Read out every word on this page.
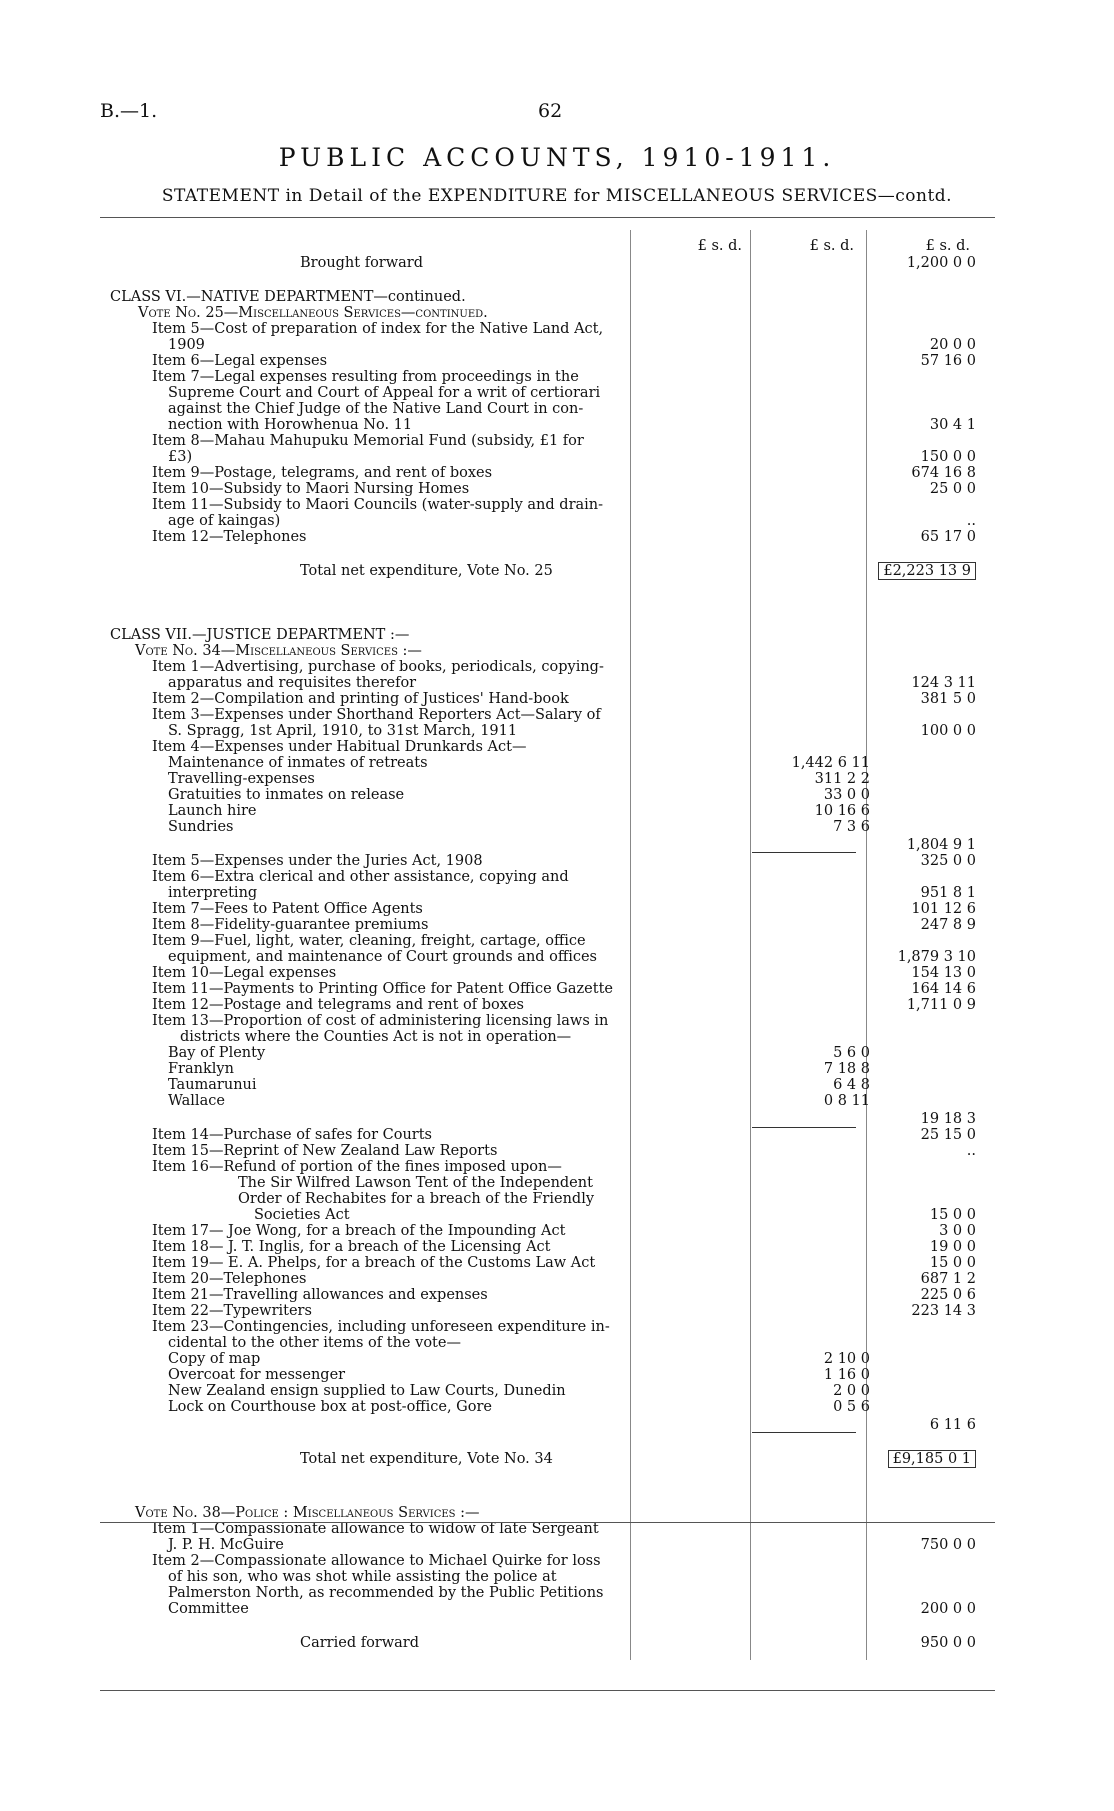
B.—1.	62
PUBLIC ACCOUNTS, 1910-1911.
STATEMENT in Detail of the EXPENDITURE for MISCELLANEOUS SERVICES—contd.
£ s. d.	£ s. d.	£ s. d.
Brought forward	1,200 0 0
CLASS VI.—NATIVE DEPARTMENT—continued.
Vote No. 25—Miscellaneous Services—continued.
Item 5—Cost of preparation of index for the Native Land Act,
1909	20 0 0
Item 6—Legal expenses	57 16 0
Item 7—Legal expenses resulting from proceedings in the
Supreme Court and Court of Appeal for a writ of certiorari
against the Chief Judge of the Native Land Court in con-
nection with Horowhenua No. 11	30 4 1
Item 8—Mahau Mahupuku Memorial Fund (subsidy, £1 for
£3)	150 0 0
Item 9—Postage, telegrams, and rent of boxes	674 16 8
Item 10—Subsidy to Maori Nursing Homes	25 0 0
Item 11—Subsidy to Maori Councils (water-supply and drain-
age of kaingas)	..
Item 12—Telephones	65 17 0
Total net expenditure, Vote No. 25	£2,223 13 9
CLASS VII.—JUSTICE DEPARTMENT :—
Vote No. 34—Miscellaneous Services :—
Item 1—Advertising, purchase of books, periodicals, copying-
apparatus and requisites therefor	124 3 11
Item 2—Compilation and printing of Justices' Hand-book	381 5 0
Item 3—Expenses under Shorthand Reporters Act—Salary of
S. Spragg, 1st April, 1910, to 31st March, 1911	100 0 0
Item 4—Expenses under Habitual Drunkards Act—
Maintenance of inmates of retreats	1,442 6 11
Travelling-expenses	311 2 2
Gratuities to inmates on release	33 0 0
Launch hire	10 16 6
Sundries	7 3 6
1,804 9 1
Item 5—Expenses under the Juries Act, 1908	325 0 0
Item 6—Extra clerical and other assistance, copying and
interpreting	951 8 1
Item 7—Fees to Patent Office Agents	101 12 6
Item 8—Fidelity-guarantee premiums	247 8 9
Item 9—Fuel, light, water, cleaning, freight, cartage, office
equipment, and maintenance of Court grounds and offices	1,879 3 10
Item 10—Legal expenses	154 13 0
Item 11—Payments to Printing Office for Patent Office Gazette	164 14 6
Item 12—Postage and telegrams and rent of boxes	1,711 0 9
Item 13—Proportion of cost of administering licensing laws in
districts where the Counties Act is not in operation—
Bay of Plenty	5 6 0
Franklyn	7 18 8
Taumarunui	6 4 8
Wallace	0 8 11
19 18 3
Item 14—Purchase of safes for Courts	25 15 0
Item 15—Reprint of New Zealand Law Reports	..
Item 16—Refund of portion of the fines imposed upon—
The Sir Wilfred Lawson Tent of the Independent
Order of Rechabites for a breach of the Friendly
Societies Act	15 0 0
Item 17— Joe Wong, for a breach of the Impounding Act	3 0 0
Item 18— J. T. Inglis, for a breach of the Licensing Act	19 0 0
Item 19— E. A. Phelps, for a breach of the Customs Law Act	15 0 0
Item 20—Telephones	687 1 2
Item 21—Travelling allowances and expenses	225 0 6
Item 22—Typewriters	223 14 3
Item 23—Contingencies, including unforeseen expenditure in-
cidental to the other items of the vote—
Copy of map	2 10 0
Overcoat for messenger	1 16 0
New Zealand ensign supplied to Law Courts, Dunedin	2 0 0
Lock on Courthouse box at post-office, Gore	0 5 6
6 11 6
Total net expenditure, Vote No. 34	£9,185 0 1
Vote No. 38—Police : Miscellaneous Services :—
Item 1—Compassionate allowance to widow of late Sergeant
J. P. H. McGuire	750 0 0
Item 2—Compassionate allowance to Michael Quirke for loss
of his son, who was shot while assisting the police at
Palmerston North, as recommended by the Public Petitions
Committee	200 0 0
Carried forward	950 0 0
